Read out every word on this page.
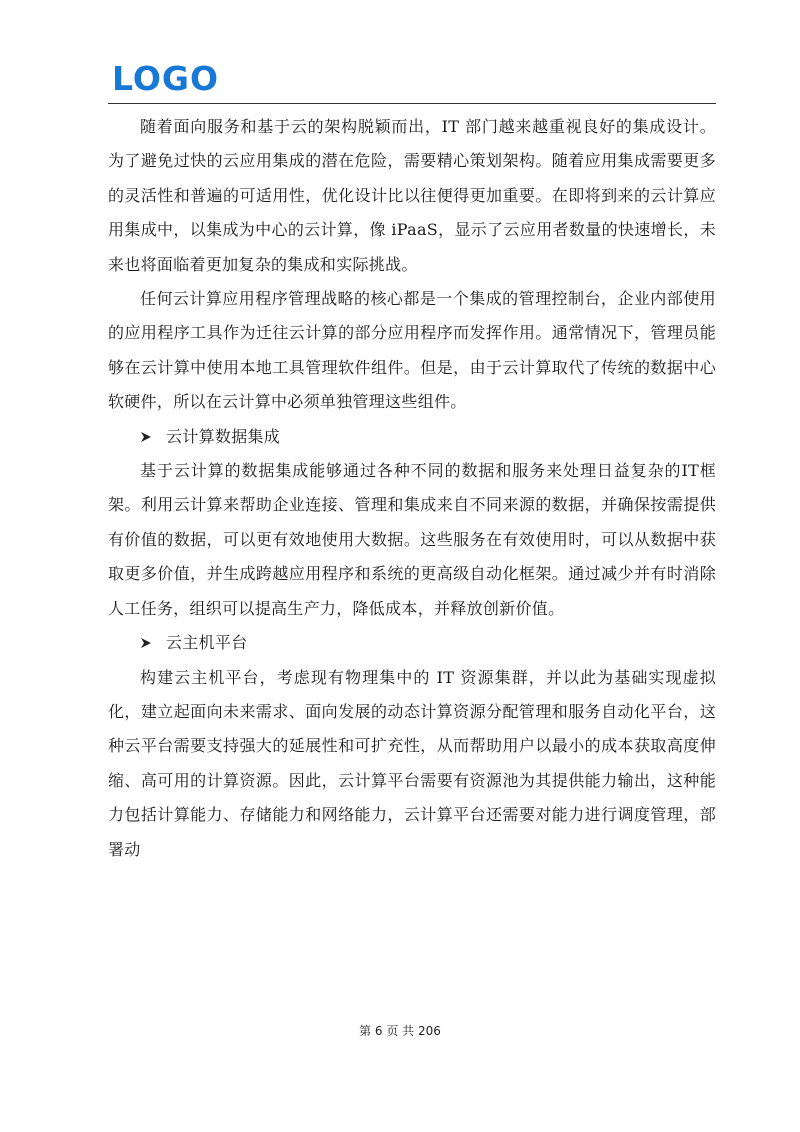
LOGO

随着面向服务和基于云的架构脱颖而出，IT 部门越来越重视良好的集成设计。为了避免过快的云应用集成的潜在危险，需要精心策划架构。随着应用集成需要更多的灵活性和普遍的可适用性，优化设计比以往便得更加重要。在即将到来的云计算应用集成中，以集成为中心的云计算，像 iPaaS，显示了云应用者数量的快速增长，未来也将面临着更加复杂的集成和实际挑战。

任何云计算应用程序管理战略的核心都是一个集成的管理控制台，企业内部使用的应用程序工具作为迁往云计算的部分应用程序而发挥作用。通常情况下，管理员能够在云计算中使用本地工具管理软件组件。但是，由于云计算取代了传统的数据中心软硬件，所以在云计算中必须单独管理这些组件。

云计算数据集成

基于云计算的数据集成能够通过各种不同的数据和服务来处理日益复杂的IT框架。利用云计算来帮助企业连接、管理和集成来自不同来源的数据，并确保按需提供有价值的数据，可以更有效地使用大数据。这些服务在有效使用时，可以从数据中获取更多价值，并生成跨越应用程序和系统的更高级自动化框架。通过减少并有时消除人工任务，组织可以提高生产力，降低成本，并释放创新价值。

云主机平台

构建云主机平台，考虑现有物理集中的 IT 资源集群，并以此为基础实现虚拟化，建立起面向未来需求、面向发展的动态计算资源分配管理和服务自动化平台，这种云平台需要支持强大的延展性和可扩充性，从而帮助用户以最小的成本获取高度伸缩、高可用的计算资源。因此，云计算平台需要有资源池为其提供能力输出，这种能力包括计算能力、存储能力和网络能力，云计算平台还需要对能力进行调度管理，部署动

第 6 页 共 206
